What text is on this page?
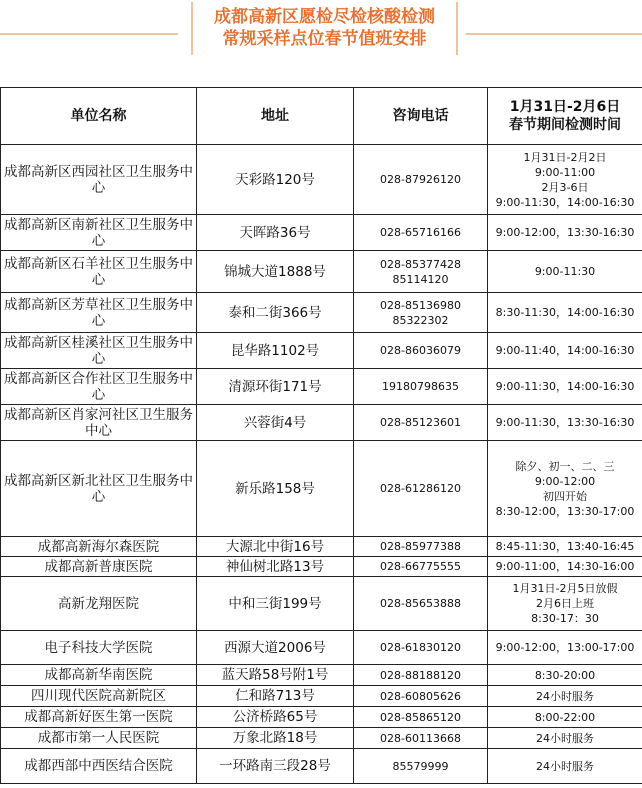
成都高新区愿检尽检核酸检测
常规采样点位春节值班安排
单位名称	地址	咨询电话	1月31日-2月6日
春节期间检测时间

成都高新区西园社区卫生服务中心	天彩路120号	028-87926120	1月31日-2月2日
9:00-11:00
2月3-6日
9:00-11:30，14:00-16:30

成都高新区南新社区卫生服务中心	天晖路36号	028-65716166	9:00-12:00，13:30-16:30

成都高新区石羊社区卫生服务中心	锦城大道1888号	028-85377428
85114120	9:00-11:30

成都高新区芳草社区卫生服务中心	泰和二街366号	028-85136980
85322302	8:30-11:30，14:00-16:30

成都高新区桂溪社区卫生服务中心	昆华路1102号	028-86036079	9:00-11:40，14:00-16:30

成都高新区合作社区卫生服务中心	清源环街171号	19180798635	9:00-11:30，14:00-16:30

成都高新区肖家河社区卫生服务中心	兴蓉街4号	028-85123601	9:00-11:30，13:30-16:30

成都高新区新北社区卫生服务中心	新乐路158号	028-61286120	除夕、初一、二、三
9:00-12:00
初四开始
8:30-12:00，13:30-17:00

成都高新海尔森医院	大源北中街16号	028-85977388	8:45-11:30，13:40-16:45

成都高新普康医院	神仙树北路13号	028-66775555	9:00-11:00，14:30-16:00

高新龙翔医院	中和三街199号	028-85653888	1月31日-2月5日放假
2月6日上班
8:30-17：30

电子科技大学医院	西源大道2006号	028-61830120	9:00-12:00，13:00-17:00

成都高新华南医院	蓝天路58号附1号	028-88188120	8:30-20:00

四川现代医院高新院区	仁和路713号	028-60805626	24小时服务

成都高新好医生第一医院	公济桥路65号	028-85865120	8:00-22:00

成都市第一人民医院	万象北路18号	028-60113668	24小时服务

成都西部中西医结合医院	一环路南三段28号	85579999	24小时服务
